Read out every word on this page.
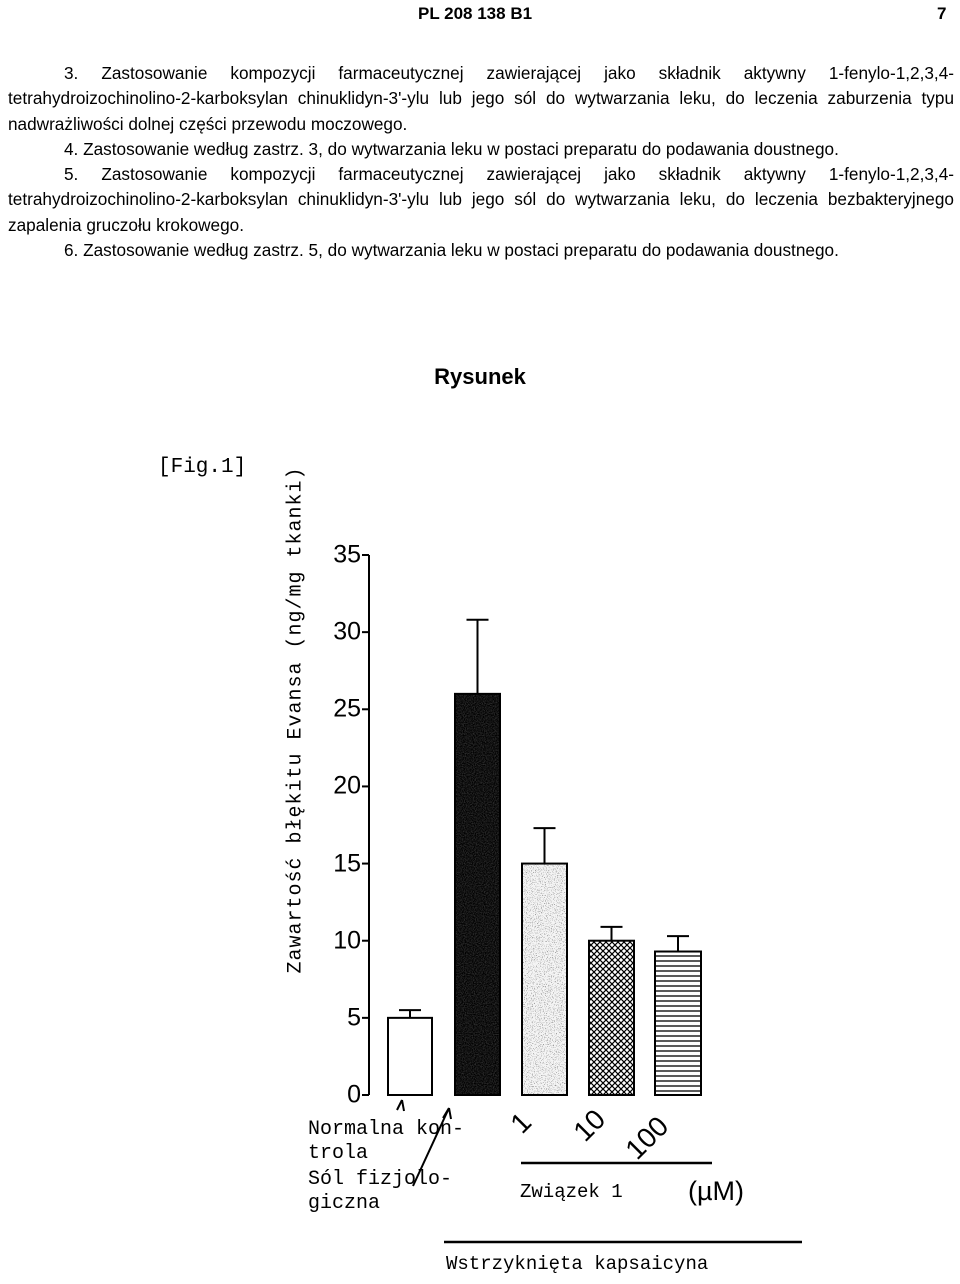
PL 208 138 B1	7

3. Zastosowanie kompozycji farmaceutycznej zawierającej jako składnik aktywny 1-fenylo-1,2,3,4-tetrahydroizochinolino-2-karboksylan chinuklidyn-3'-ylu lub jego sól do wytwarzania leku, do leczenia zaburzenia typu nadwrażliwości dolnej części przewodu moczowego.

4. Zastosowanie według zastrz. 3, do wytwarzania leku w postaci preparatu do podawania doustnego.

5. Zastosowanie kompozycji farmaceutycznej zawierającej jako składnik aktywny 1-fenylo-1,2,3,4-tetrahydroizochinolino-2-karboksylan chinuklidyn-3'-ylu lub jego sól do wytwarzania leku, do leczenia bezbakteryjnego zapalenia gruczołu krokowego.

6. Zastosowanie według zastrz. 5, do wytwarzania leku w postaci preparatu do podawania doustnego.

Rysunek
[Fig.1] Zawartość błękitu Evansa (ng/mg tkanki)
0
5
10
15
20
25
30
35
Normalna kon-
trola
Sól fizjolo-
giczna
1 10 100
Związek 1 (µM)
Wstrzyknięta kapsaicyna
